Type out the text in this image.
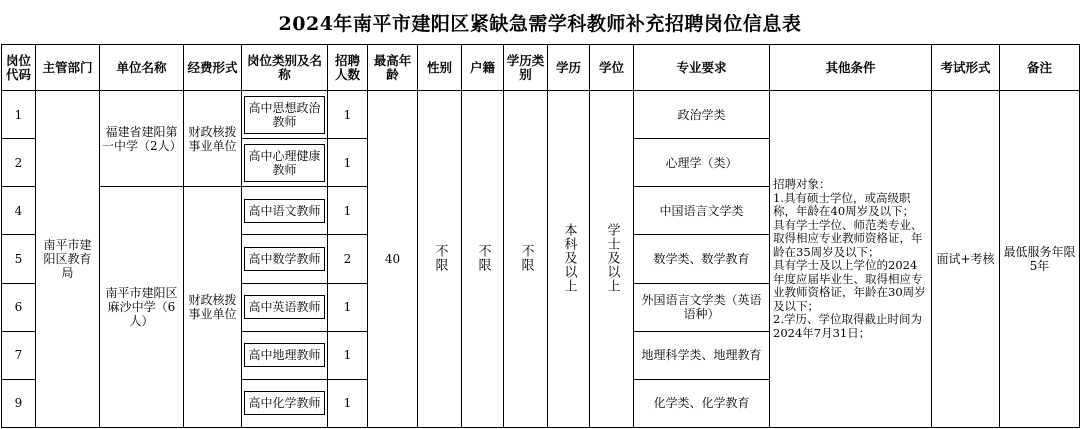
2024年南平市建阳区紧缺急需学科教师补充招聘岗位信息表
岗位代码	主管部门	单位名称	经费形式	岗位类别及名称	招聘人数	最高年龄	性别	户籍	学历类别	学历	学位	专业要求	其他条件	考试形式	备注
1	南平市建阳区教育局	福建省建阳第一中学（2人）	财政核拨事业单位	高中思想政治教师	1	40	不限	不限	不限	本科及以上	学士及以上	政治学类	招聘对象：
1.具有硕士学位，或高级职称，年龄在40周岁及以下；
具有学士学位、师范类专业、取得相应专业教师资格证，年龄在35周岁及以下；
具有学士及以上学位的2024年度应届毕业生、取得相应专业教师资格证，年龄在30周岁及以下；
2.学历、学位取得截止时间为2024年7月31日；	面试+考核	最低服务年限5年
2				高中心理健康教师	1							心理学（类）			
4		南平市建阳区麻沙中学（6人）	财政核拨事业单位	高中语文教师	1							中国语言文学类			
5				高中数学教师	2							数学类、数学教育			
6				高中英语教师	1							外国语言文学类（英语语种）			
7				高中地理教师	1							地理科学类、地理教育			
9				高中化学教师	1							化学类、化学教育			
